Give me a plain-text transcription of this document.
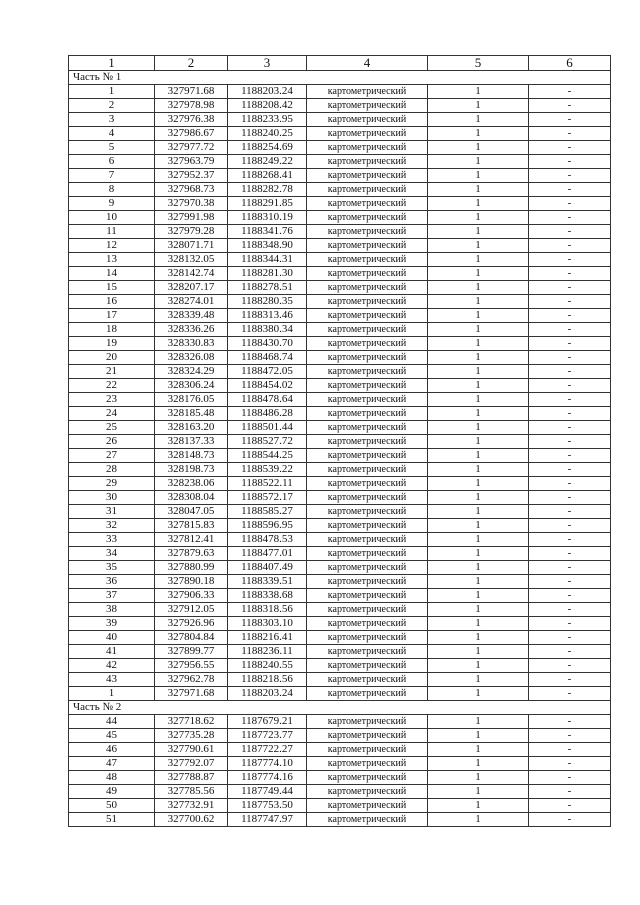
1	2	3	4	5	6
Часть № 1					
1	327971.68	1188203.24	картометрический	1	-
2	327978.98	1188208.42	картометрический	1	-
3	327976.38	1188233.95	картометрический	1	-
4	327986.67	1188240.25	картометрический	1	-
5	327977.72	1188254.69	картометрический	1	-
6	327963.79	1188249.22	картометрический	1	-
7	327952.37	1188268.41	картометрический	1	-
8	327968.73	1188282.78	картометрический	1	-
9	327970.38	1188291.85	картометрический	1	-
10	327991.98	1188310.19	картометрический	1	-
11	327979.28	1188341.76	картометрический	1	-
12	328071.71	1188348.90	картометрический	1	-
13	328132.05	1188344.31	картометрический	1	-
14	328142.74	1188281.30	картометрический	1	-
15	328207.17	1188278.51	картометрический	1	-
16	328274.01	1188280.35	картометрический	1	-
17	328339.48	1188313.46	картометрический	1	-
18	328336.26	1188380.34	картометрический	1	-
19	328330.83	1188430.70	картометрический	1	-
20	328326.08	1188468.74	картометрический	1	-
21	328324.29	1188472.05	картометрический	1	-
22	328306.24	1188454.02	картометрический	1	-
23	328176.05	1188478.64	картометрический	1	-
24	328185.48	1188486.28	картометрический	1	-
25	328163.20	1188501.44	картометрический	1	-
26	328137.33	1188527.72	картометрический	1	-
27	328148.73	1188544.25	картометрический	1	-
28	328198.73	1188539.22	картометрический	1	-
29	328238.06	1188522.11	картометрический	1	-
30	328308.04	1188572.17	картометрический	1	-
31	328047.05	1188585.27	картометрический	1	-
32	327815.83	1188596.95	картометрический	1	-
33	327812.41	1188478.53	картометрический	1	-
34	327879.63	1188477.01	картометрический	1	-
35	327880.99	1188407.49	картометрический	1	-
36	327890.18	1188339.51	картометрический	1	-
37	327906.33	1188338.68	картометрический	1	-
38	327912.05	1188318.56	картометрический	1	-
39	327926.96	1188303.10	картометрический	1	-
40	327804.84	1188216.41	картометрический	1	-
41	327899.77	1188236.11	картометрический	1	-
42	327956.55	1188240.55	картометрический	1	-
43	327962.78	1188218.56	картометрический	1	-
1	327971.68	1188203.24	картометрический	1	-
Часть № 2					
44	327718.62	1187679.21	картометрический	1	-
45	327735.28	1187723.77	картометрический	1	-
46	327790.61	1187722.27	картометрический	1	-
47	327792.07	1187774.10	картометрический	1	-
48	327788.87	1187774.16	картометрический	1	-
49	327785.56	1187749.44	картометрический	1	-
50	327732.91	1187753.50	картометрический	1	-
51	327700.62	1187747.97	картометрический	1	-
